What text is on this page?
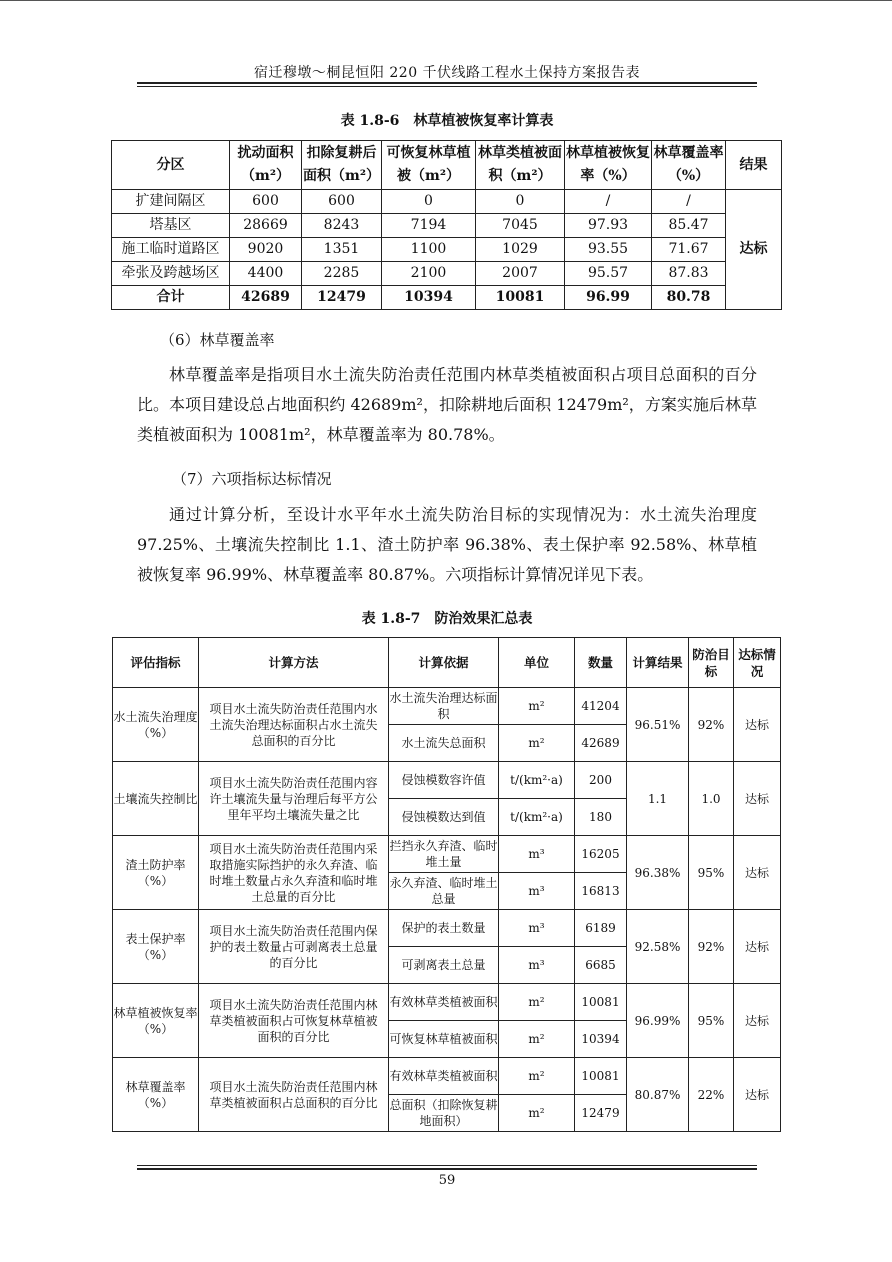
宿迁穆墩～桐昆恒阳 220 千伏线路工程水土保持方案报告表
表 1.8-6　林草植被恢复率计算表
分区	扰动面积（m²）	扣除复耕后面积（m²）	可恢复林草植被（m²）	林草类植被面积（m²）	林草植被恢复率（%）	林草覆盖率（%）	结果
扩建间隔区	600	600	0	0	/	/	达标
塔基区	28669	8243	7194	7045	97.93	85.47	
施工临时道路区	9020	1351	1100	1029	93.55	71.67	
牵张及跨越场区	4400	2285	2100	2007	95.57	87.83	
合计	42689	12479	10394	10081	96.99	80.78	
（6）林草覆盖率
林草覆盖率是指项目水土流失防治责任范围内林草类植被面积占项目总面积的百分比。本项目建设总占地面积约 42689m²，扣除耕地后面积 12479m²，方案实施后林草类植被面积为 10081m²，林草覆盖率为 80.78%。
（7）六项指标达标情况
通过计算分析，至设计水平年水土流失防治目标的实现情况为：水土流失治理度 97.25%、土壤流失控制比 1.1、渣土防护率 96.38%、表土保护率 92.58%、林草植被恢复率 96.99%、林草覆盖率 80.87%。六项指标计算情况详见下表。
表 1.8-7　防治效果汇总表
评估指标	计算方法	计算依据	单位	数量	计算结果	防治目标	达标情况
水土流失治理度（%）	项目水土流失防治责任范围内水土流失治理达标面积占水土流失总面积的百分比	水土流失治理达标面积	m²	41204	96.51%	92%	达标
		水土流失总面积	m²	42689			
土壤流失控制比	项目水土流失防治责任范围内容许土壤流失量与治理后每平方公里年平均土壤流失量之比	侵蚀模数容许值	t/(km²·a)	200	1.1	1.0	达标
		侵蚀模数达到值	t/(km²·a)	180			
渣土防护率（%）	项目水土流失防治责任范围内采取措施实际挡护的永久弃渣、临时堆土数量占永久弃渣和临时堆土总量的百分比	拦挡永久弃渣、临时堆土量	m³	16205	96.38%	95%	达标
		永久弃渣、临时堆土总量	m³	16813			
表土保护率（%）	项目水土流失防治责任范围内保护的表土数量占可剥离表土总量的百分比	保护的表土数量	m³	6189	92.58%	92%	达标
		可剥离表土总量	m³	6685			
林草植被恢复率（%）	项目水土流失防治责任范围内林草类植被面积占可恢复林草植被面积的百分比	有效林草类植被面积	m²	10081	96.99%	95%	达标
		可恢复林草植被面积	m²	10394			
林草覆盖率（%）	项目水土流失防治责任范围内林草类植被面积占总面积的百分比	有效林草类植被面积	m²	10081	80.87%	22%	达标
		总面积（扣除恢复耕地面积）	m²	12479			
59
